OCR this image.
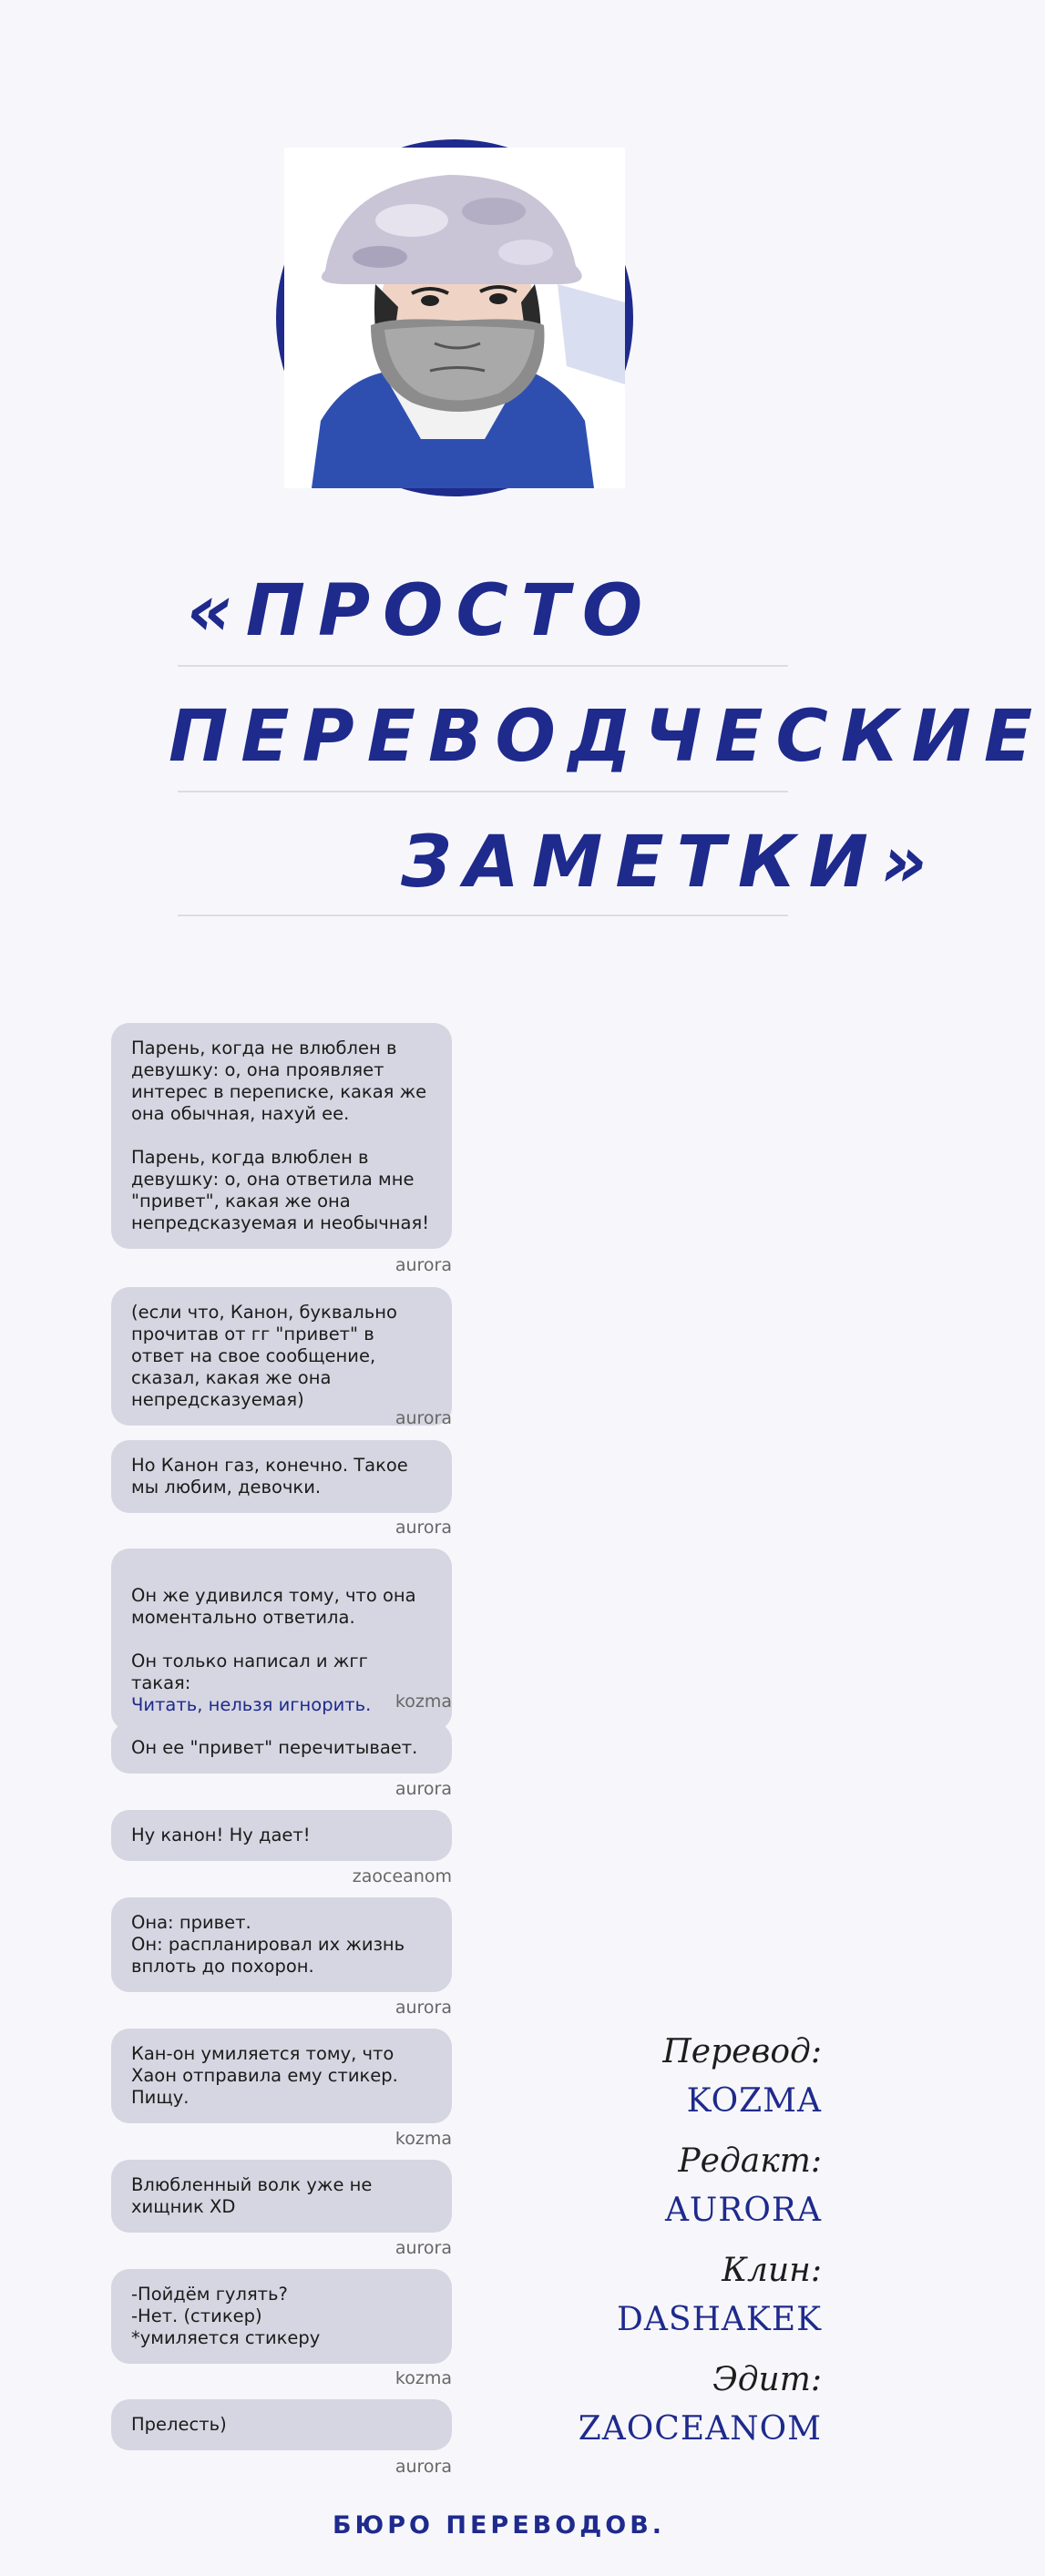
«ПРОСТО
ПЕРЕВОДЧЕСКИЕ
ЗАМЕТКИ»
Парень, когда не влюблен в девушку: о, она проявляет интерес в переписке, какая же она обычная, нахуй ее.

Парень, когда влюблен в девушку: о, она ответила мне "привет", какая же она непредсказуемая и необычная!
aurora
(если что, Канон, буквально прочитав от гг "привет" в ответ на свое сообщение, сказал, какая же она непредсказуемая)
aurora
Но Канон газ, конечно. Такое мы любим, девочки.
aurora

Он же удивился тому, что она моментально ответила.

Он только написал и жгг такая:
Читать, нельзя игнорить.	kozma
Он ее "привет" перечитывает.
aurora
Ну канон! Ну дает!
zaoceanom
Она: привет.
Он: распланировал их жизнь вплоть до похорон.
aurora
Кан-он умиляется тому, что Хаон отправила ему стикер. Пищу.
kozma
Влюбленный волк уже не хищник XD
aurora
-Пойдём гулять?
-Нет. (стикер)
*умиляется стикеру
kozma
Прелесть)
aurora
Перевод:
KOZMA
Редакт:
AURORA
Клин:
DASHAKEK
Эдит:
ZAOCEANOM
БЮРО ПЕРЕВОДОВ.
